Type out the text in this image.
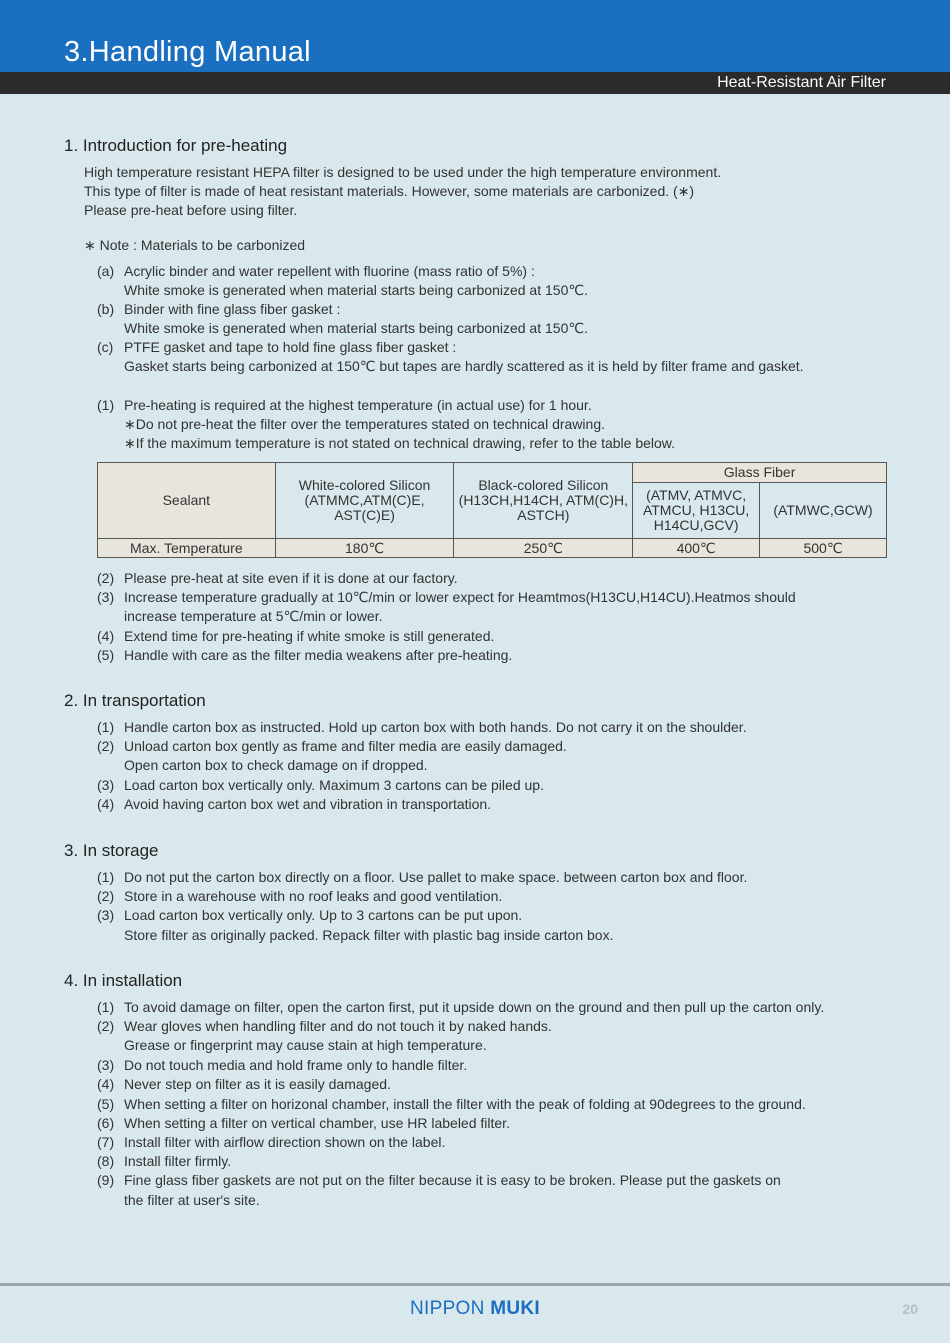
3.Handling Manual
Heat-Resistant Air Filter
1. Introduction for pre-heating
High temperature resistant HEPA filter is designed to be used under the high temperature environment.
This type of filter is made of heat resistant materials. However, some materials are carbonized. (∗)
Please pre-heat before using filter.
∗ Note : Materials to be carbonized
(a) Acrylic binder and water repellent with fluorine (mass ratio of 5%) :
White smoke is generated when material starts being carbonized at 150℃.
(b) Binder with fine glass fiber gasket :
White smoke is generated when material starts being carbonized at 150℃.
(c) PTFE gasket and tape to hold fine glass fiber gasket :
Gasket starts being carbonized at 150℃ but tapes are hardly scattered as it is held by filter frame and gasket.
(1) Pre-heating is required at the highest temperature (in actual use) for 1 hour.
∗Do not pre-heat the filter over the temperatures stated on technical drawing.
∗If the maximum temperature is not stated on technical drawing, refer to the table below.
Sealant	White-colored Silicon (ATMMC,ATM(C)E, AST(C)E)	Black-colored Silicon (H13CH,H14CH, ATM(C)H, ASTCH)	Glass Fiber	
			(ATMV, ATMVC, ATMCU, H13CU, H14CU,GCV)	(ATMWC,GCW)
Max. Temperature	180℃	250℃	400℃	500℃
(2) Please pre-heat at site even if it is done at our factory.
(3) Increase temperature gradually at 10℃/min or lower expect for Heamtmos(H13CU,H14CU).Heatmos should
increase temperature at 5℃/min or lower.
(4) Extend time for pre-heating if white smoke is still generated.
(5) Handle with care as the filter media weakens after pre-heating.
2. In transportation
(1) Handle carton box as instructed. Hold up carton box with both hands. Do not carry it on the shoulder.
(2) Unload carton box gently as frame and filter media are easily damaged.
Open carton box to check damage on if dropped.
(3) Load carton box vertically only. Maximum 3 cartons can be piled up.
(4) Avoid having carton box wet and vibration in transportation.
3. In storage
(1) Do not put the carton box directly on a floor. Use pallet to make space. between carton box and floor.
(2) Store in a warehouse with no roof leaks and good ventilation.
(3) Load carton box vertically only. Up to 3 cartons can be put upon.
Store filter as originally packed. Repack filter with plastic bag inside carton box.
4. In installation
(1) To avoid damage on filter, open the carton first, put it upside down on the ground and then pull up the carton only.
(2) Wear gloves when handling filter and do not touch it by naked hands.
Grease or fingerprint may cause stain at high temperature.
(3) Do not touch media and hold frame only to handle filter.
(4) Never step on filter as it is easily damaged.
(5) When setting a filter on horizonal chamber, install the filter with the peak of folding at 90degrees to the ground.
(6) When setting a filter on vertical chamber, use HR labeled filter.
(7) Install filter with airflow direction shown on the label.
(8) Install filter firmly.
(9) Fine glass fiber gaskets are not put on the filter because it is easy to be broken. Please put the gaskets on
the filter at user's site.
NIPPON MUKI	20
